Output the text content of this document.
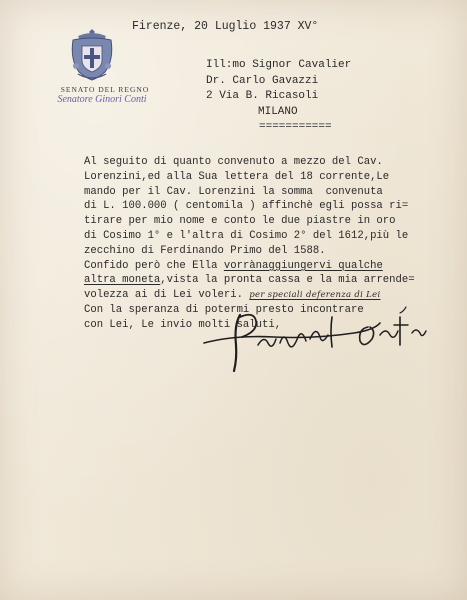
SENATO DEL REGNO
Senatore Ginori Conti
Firenze, 20 Luglio 1937 XV°
Ill:mo Signor Cavalier
Dr. Carlo Gavazzi
2 Via B. Ricasoli
MILANO
===========
Al seguito di quanto convenuto a mezzo del Cav.
Lorenzini,ed alla Sua lettera del 18 corrente,Le
mando per il Cav. Lorenzini la somma  convenuta
di L. 100.000 ( centomila ) affinchè egli possa ri=
tirare per mio nome e conto le due piastre in oro
di Cosimo 1° e l'altra di Cosimo 2° del 1612,più le
zecchino di Ferdinando Primo del 1588.
Confido però che Ella vorrànaggiungervi qualche
altra moneta,vista la pronta cassa e la mia arrende=
volezza ai di Lei voleri. per speciali deferenza di Lei
Con la speranza di potermi presto incontrare
con Lei, Le invio molti saluti,
